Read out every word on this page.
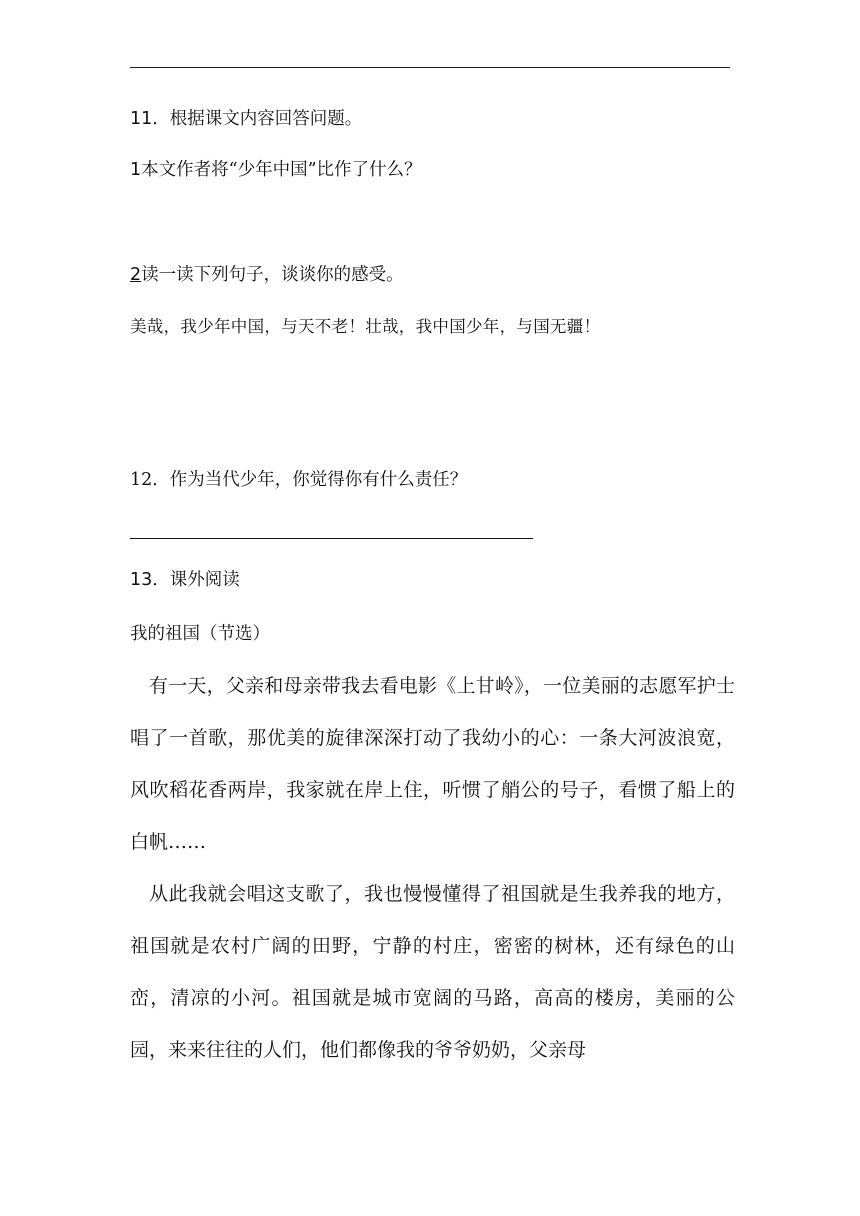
11．根据课文内容回答问题。
1本文作者将“少年中国”比作了什么？
2读一读下列句子，谈谈你的感受。
美哉，我少年中国，与天不老！壮哉，我中国少年，与国无疆！
12．作为当代少年，你觉得你有什么责任？
13．课外阅读
我的祖国（节选）
有一天，父亲和母亲带我去看电影《上甘岭》，一位美丽的志愿军护士唱了一首歌，那优美的旋律深深打动了我幼小的心：一条大河波浪宽，风吹稻花香两岸，我家就在岸上住，听惯了艄公的号子，看惯了船上的白帆……
从此我就会唱这支歌了，我也慢慢懂得了祖国就是生我养我的地方，祖国就是农村广阔的田野，宁静的村庄，密密的树林，还有绿色的山峦，清凉的小河。祖国就是城市宽阔的马路，高高的楼房，美丽的公园，来来往往的人们，他们都像我的爷爷奶奶，父亲母
